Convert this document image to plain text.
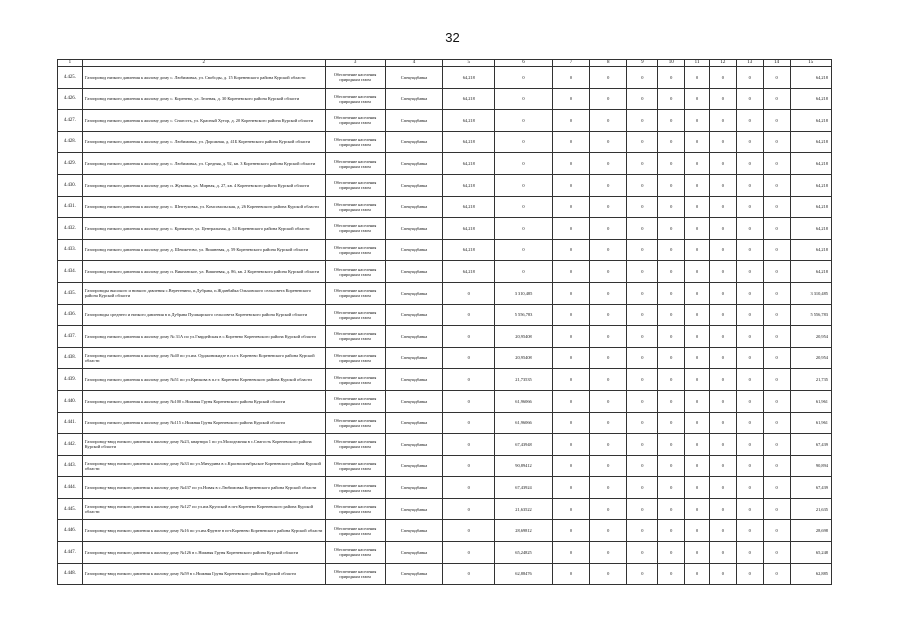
32
1	2	3	4	5	6	7	8	9	10	11	12	13	14	15
4.425.	Газопровод низкого давления к жилому дому с. Любимовка, ул. Свободы, д. 15 Кореневского района Курской области	Обеспечение населения природным газом	Спецнадбавка	64,218	0	0	0	0	0	0	0	0	0	64,218
4.426.	Газопровод низкого давления к жилому дому с. Коренево, ул. Зеленая, д. 30 Кореневского района Курской области	Обеспечение населения природным газом	Спецнадбавка	64,218	0	0	0	0	0	0	0	0	0	64,218
4.427.	Газопровод низкого давления к жилому дому с. Снагость, ул. Красный Хутор, д. 20 Кореневского района Курской области	Обеспечение населения природным газом	Спецнадбавка	64,218	0	0	0	0	0	0	0	0	0	64,218
4.428.	Газопровод низкого давления к жилому дому с. Любимовка, ул. Дорожная, д. 41Б Кореневского района Курской области	Обеспечение населения природным газом	Спецнадбавка	64,218	0	0	0	0	0	0	0	0	0	64,218
4.429.	Газопровод низкого давления к жилому дому с. Любимовка, ул. Средняя, д. 92, кв. 3 Кореневского района Курской области	Обеспечение населения природным газом	Спецнадбавка	64,218	0	0	0	0	0	0	0	0	0	64,218
4.430.	Газопровод низкого давления к жилому дому п. Жуковка, ул. Мирная, д. 27, кв. 4 Кореневского района Курской области	Обеспечение населения природным газом	Спецнадбавка	64,218	0	0	0	0	0	0	0	0	0	64,218
4.431.	Газопровод низкого давления к жилому дому с. Шептуховка, ул. Комсомольская, д. 26 Кореневского района Курской области	Обеспечение населения природным газом	Спецнадбавка	64,218	0	0	0	0	0	0	0	0	0	64,218
4.432.	Газопровод низкого давления к жилому дому с. Кремяное, ул. Центральная, д. 54 Кореневского района Курской области	Обеспечение населения природным газом	Спецнадбавка	64,218	0	0	0	0	0	0	0	0	0	64,218
4.433.	Газопровод низкого давления к жилому дому д. Шешкетово, ул. Вишневая, д. 59 Кореневского района Курской области	Обеспечение населения природным газом	Спецнадбавка	64,218	0	0	0	0	0	0	0	0	0	64,218
4.434.	Газопровод низкого давления к жилому дому п. Викнанское, ул. Вишневая, д. 86, кв. 2 Кореневского района Курской области	Обеспечение населения природным газом	Спецнадбавка	64,218	0	0	0	0	0	0	0	0	0	64,218
4.435.	Газопроводы высокого и низкого давления с.Веретенино, п.Дубрава, п.Жданбайка Ольховского сельсовета Кореневского района Курской области	Обеспечение населения природным газом	Спецнадбавка	0	3 310,485	0	0	0	0	0	0	0	0	3 310,485
4.436.	Газопроводы среднего и низкого давления в п.Дубрава Пушкарского сельсовета Кореневского района Курской области	Обеспечение населения природным газом	Спецнадбавка	0	5 556,783	0	0	0	0	0	0	0	0	5 556,783
4.437.	Газопровод низкого давления к жилому дому № 31А по ул.Гвардейская в с.Коренево Кореневского района Курской области	Обеспечение населения природным газом	Спецнадбавка	0	20,95408	0	0	0	0	0	0	0	0	20,954
4.438.	Газопровод низкого давления к жилому дому №40 по ул.им. Орджоникидзе в п.г.т. Коренево Кореневского района Курской области	Обеспечение населения природным газом	Спецнадбавка	0	20,95408	0	0	0	0	0	0	0	0	20,954
4.439.	Газопровод низкого давления к жилому дому №51 по ул.Крюкова в п.г.т. Коренево Кореневского района Курской области	Обеспечение населения природным газом	Спецнадбавка	0	21,73535	0	0	0	0	0	0	0	0	21,735
4.440.	Газопровод низкого давления к жилому дому №100 с.Нижняя Груня Кореневского района Курской области	Обеспечение населения природным газом	Спецнадбавка	0	61,96066	0	0	0	0	0	0	0	0	61,961
4.441.	Газопровод низкого давления к жилому дому №115 с.Нижняя Груня Кореневского района Курской области	Обеспечение населения природным газом	Спецнадбавка	0	61,96066	0	0	0	0	0	0	0	0	61,961
4.442.	Газопровод-ввод низкого давления к жилому дому №23, квартира 1 по ул.Молодежная в с.Снагость Кореневского района Курской области	Обеспечение населения природным газом	Спецнадбавка	0	67,43948	0	0	0	0	0	0	0	0	67,439
4.443.	Газопровод-ввод низкого давления к жилому дому №33 по ул.Мичурина в с.Краснооктябрьское Кореневского района Курской области	Обеспечение населения природным газом	Спецнадбавка	0	90,89412	0	0	0	0	0	0	0	0	90,894
4.444.	Газопровод-ввод низкого давления к жилому дому №437 по ул.Новая в с.Любимовка Кореневского района Курской области	Обеспечение населения природным газом	Спецнадбавка	0	67,43924	0	0	0	0	0	0	0	0	67,439
4.445.	Газопровод-ввод низкого давления к жилому дому №127 по ул.им.Крупской в пгт.Коренево Кореневского района Курской области	Обеспечение населения природным газом	Спецнадбавка	0	21,63522	0	0	0	0	0	0	0	0	21,635
4.446.	Газопровод-ввод низкого давления к жилому дому №16 по ул.им.Фрунзе в пгт.Коренево Кореневского района Курской области	Обеспечение населения природным газом	Спецнадбавка	0	28,69812	0	0	0	0	0	0	0	0	28,698
4.447.	Газопровод-ввод низкого давления к жилому дому №126 в с.Нижняя Груня Кореневского района Курской области	Обеспечение населения природным газом	Спецнадбавка	0	65,24825	0	0	0	0	0	0	0	0	65,248
4.448.	Газопровод-ввод низкого давления к жилому дому №59 в с.Нижняя Груня Кореневского района Курской области	Обеспечение населения природным газом	Спецнадбавка	0	62,88476	0	0	0	0	0	0	0	0	62,885
